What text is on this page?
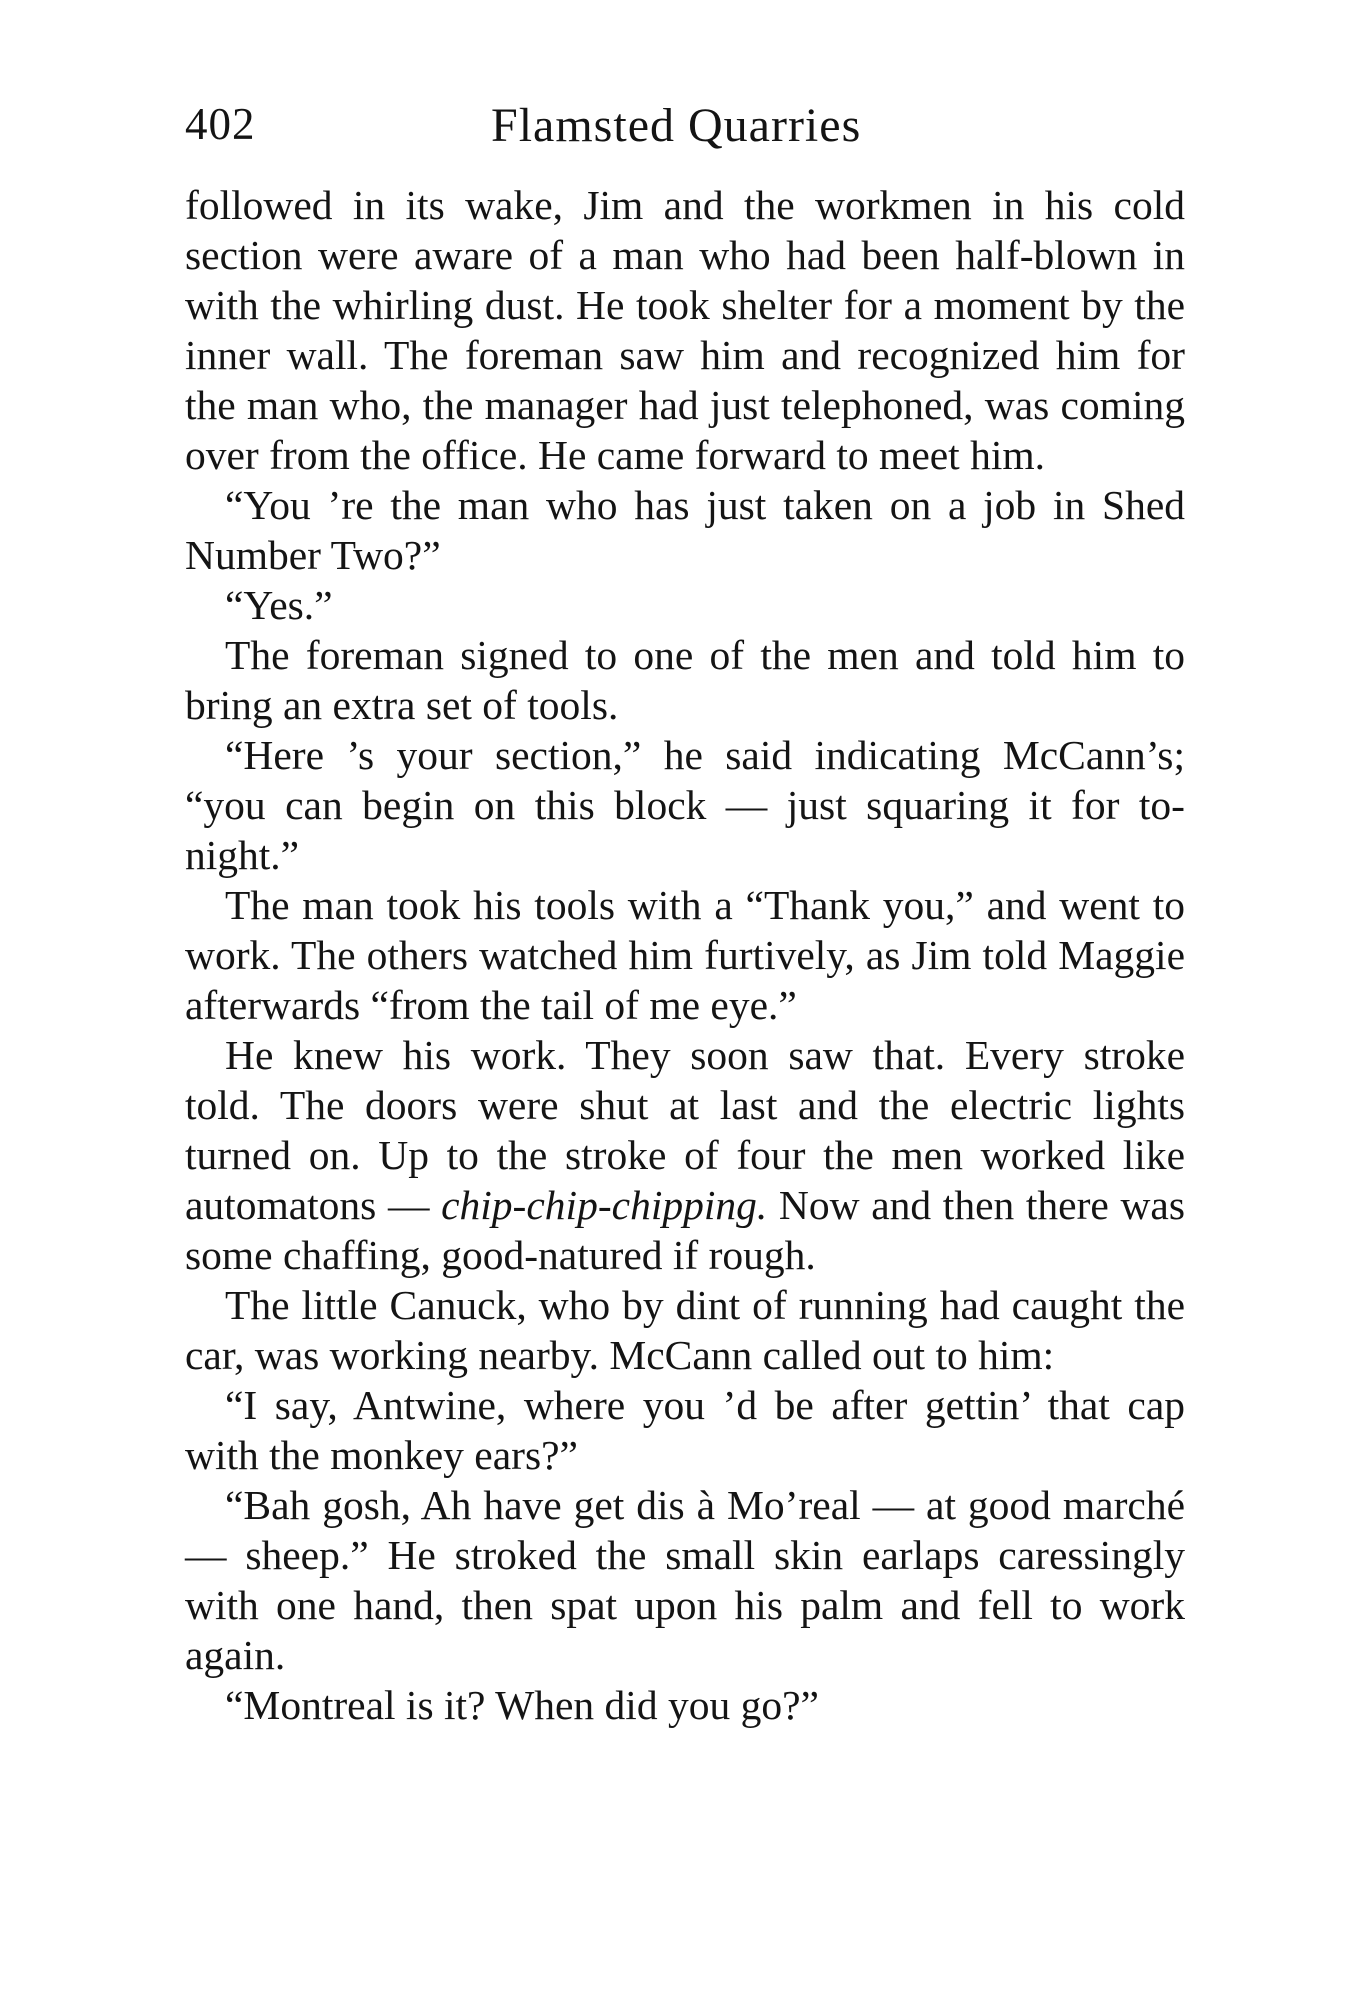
402	Flamsted Quarries

followed in its wake, Jim and the workmen in his cold section were aware of a man who had been half-blown in with the whirling dust. He took shelter for a moment by the inner wall. The foreman saw him and recognized him for the man who, the manager had just telephoned, was coming over from the office. He came forward to meet him.

“You ’re the man who has just taken on a job in Shed Number Two?”

“Yes.”

The foreman signed to one of the men and told him to bring an extra set of tools.

“Here ’s your section,” he said indicating McCann’s; “you can begin on this block — just squaring it for to-night.”

The man took his tools with a “Thank you,” and went to work. The others watched him furtively, as Jim told Maggie afterwards “from the tail of me eye.”

He knew his work. They soon saw that. Every stroke told. The doors were shut at last and the electric lights turned on. Up to the stroke of four the men worked like automatons — chip-chip-chipping. Now and then there was some chaffing, good-natured if rough.

The little Canuck, who by dint of running had caught the car, was working nearby. McCann called out to him:

“I say, Antwine, where you ’d be after gettin’ that cap with the monkey ears?”

“Bah gosh, Ah have get dis à Mo’real — at good marché — sheep.” He stroked the small skin earlaps caressingly with one hand, then spat upon his palm and fell to work again.

“Montreal is it? When did you go?”
